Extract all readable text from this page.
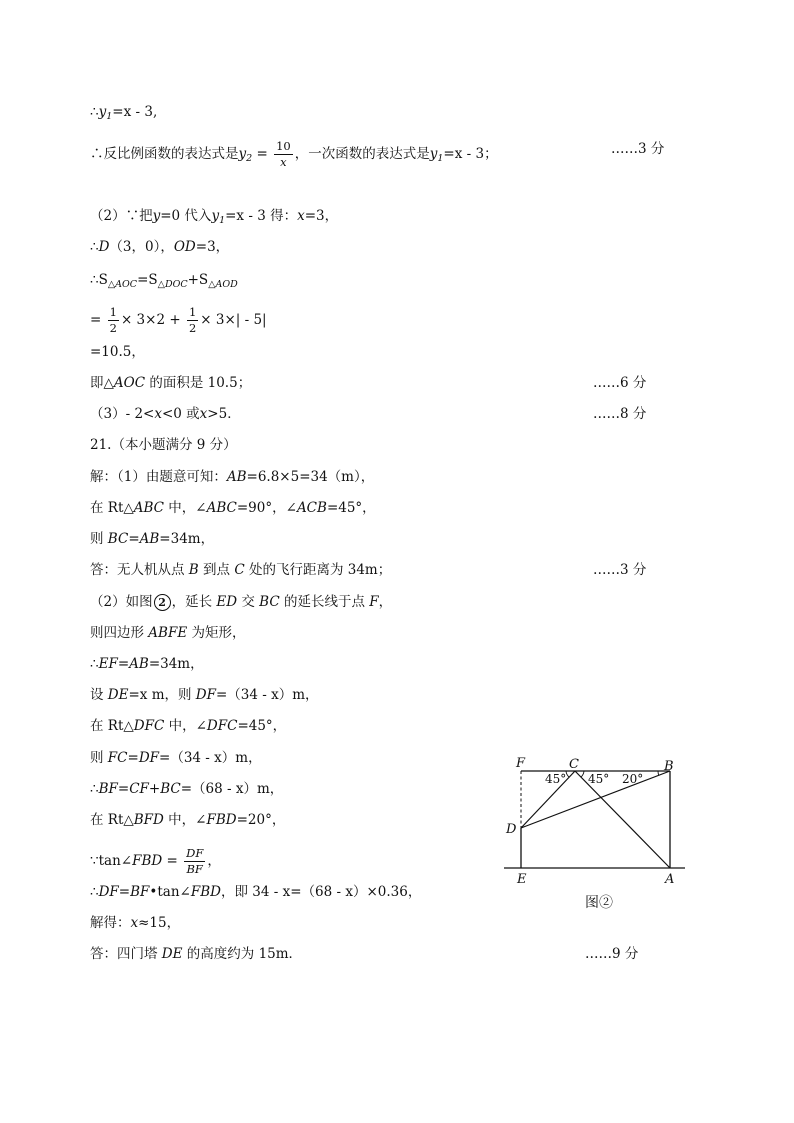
$\therefore y_1=x - 3$,
∴反比例函数的表达式是$y_2 = \frac{10}{x}$ ，一次函数的表达式是$y_1=x - 3$；	……3 分
（2）∵把y=0 代入$y_1=x - 3$ 得：x=3，
∴D（3，0），OD=3，
$\therefore S_{\triangle AOC}=S_{\triangle DOC}+S_{\triangle AOD}$
= $\frac{1}{2} \times 3\times 2 + \frac{1}{2} \times 3\times| - 5|$
=10.5，
即△AOC 的面积是 10.5；	……6 分
（3）- 2<x<0 或x>5．	……8 分
21.（本小题满分 9 分）
解：（1）由题意可知：AB=6.8×5=34（m），
在 Rt△ABC 中，∠ABC=90°，∠ACB=45°，
则 BC=AB=34m，
答：无人机从点 B 到点 C 处的飞行距离为 34m；	……3 分
（2）如图 2 ，延长 ED 交 BC 的延长线于点 F，
则四边形 ABFE 为矩形，
∴EF=AB=34m，
设 DE=x m，则 DF=（34 - x）m，
在 Rt△DFC 中，∠DFC=45°，
则 FC=DF=（34 - x）m，
∴BF=CF+BC=（68 - x）m，
在 Rt△BFD 中，∠FBD=20°，
∵tan∠FBD = $\frac{DF}{BF}$ ，
∴DF=BF•tan∠FBD，即 34 - x=（68 - x）×0.36，
解得：x≈15，
答：四门塔 DE 的高度约为 15m．	……9 分
45° 45° 20°
F	C	B
D
E	A
图②
